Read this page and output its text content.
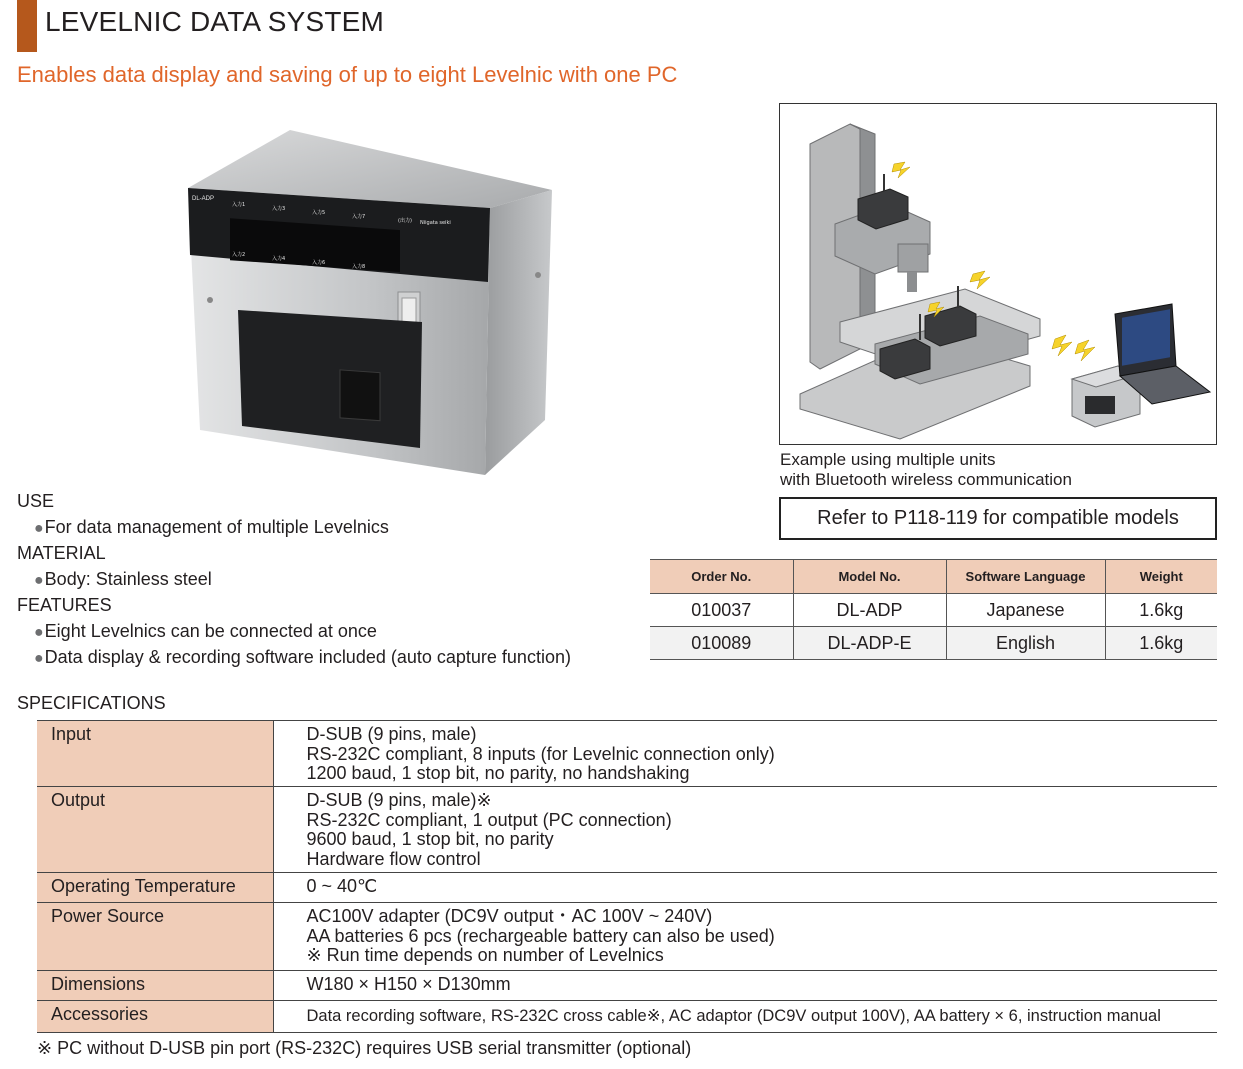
LEVELNIC DATA SYSTEM
Enables data display and saving of up to eight Levelnic with one PC
DL-ADP
入力1
入力3
入力5
入力7
入力2
入力4
入力6
入力8
(出力) Niigata seiki
Example using multiple units
with Bluetooth wireless communication
Refer to P118-119 for compatible models
USE
● For data management of multiple Levelnics
MATERIAL
● Body: Stainless steel
FEATURES
● Eight Levelnics can be connected at once
● Data display & recording software included (auto capture function)
Order No.	Model No.	Software Language	Weight
010037	DL-ADP	Japanese	1.6kg
010089	DL-ADP-E	English	1.6kg
SPECIFICATIONS
Input	D-SUB (9 pins, male)
RS-232C compliant, 8 inputs (for Levelnic connection only)
1200 baud, 1 stop bit, no parity, no handshaking

Output	D-SUB (9 pins, male)※
RS-232C compliant, 1 output (PC connection)
9600 baud, 1 stop bit, no parity
Hardware flow control

Operating Temperature	0 ~ 40℃

Power Source	AC100V adapter (DC9V output・AC 100V ~ 240V)
AA batteries 6 pcs (rechargeable battery can also be used)
※ Run time depends on number of Levelnics

Dimensions	W180 × H150 × D130mm

Accessories	Data recording software, RS-232C cross cable※, AC adaptor (DC9V output 100V), AA battery × 6, instruction manual
※ PC without D-USB pin port (RS-232C) requires USB serial transmitter (optional)
